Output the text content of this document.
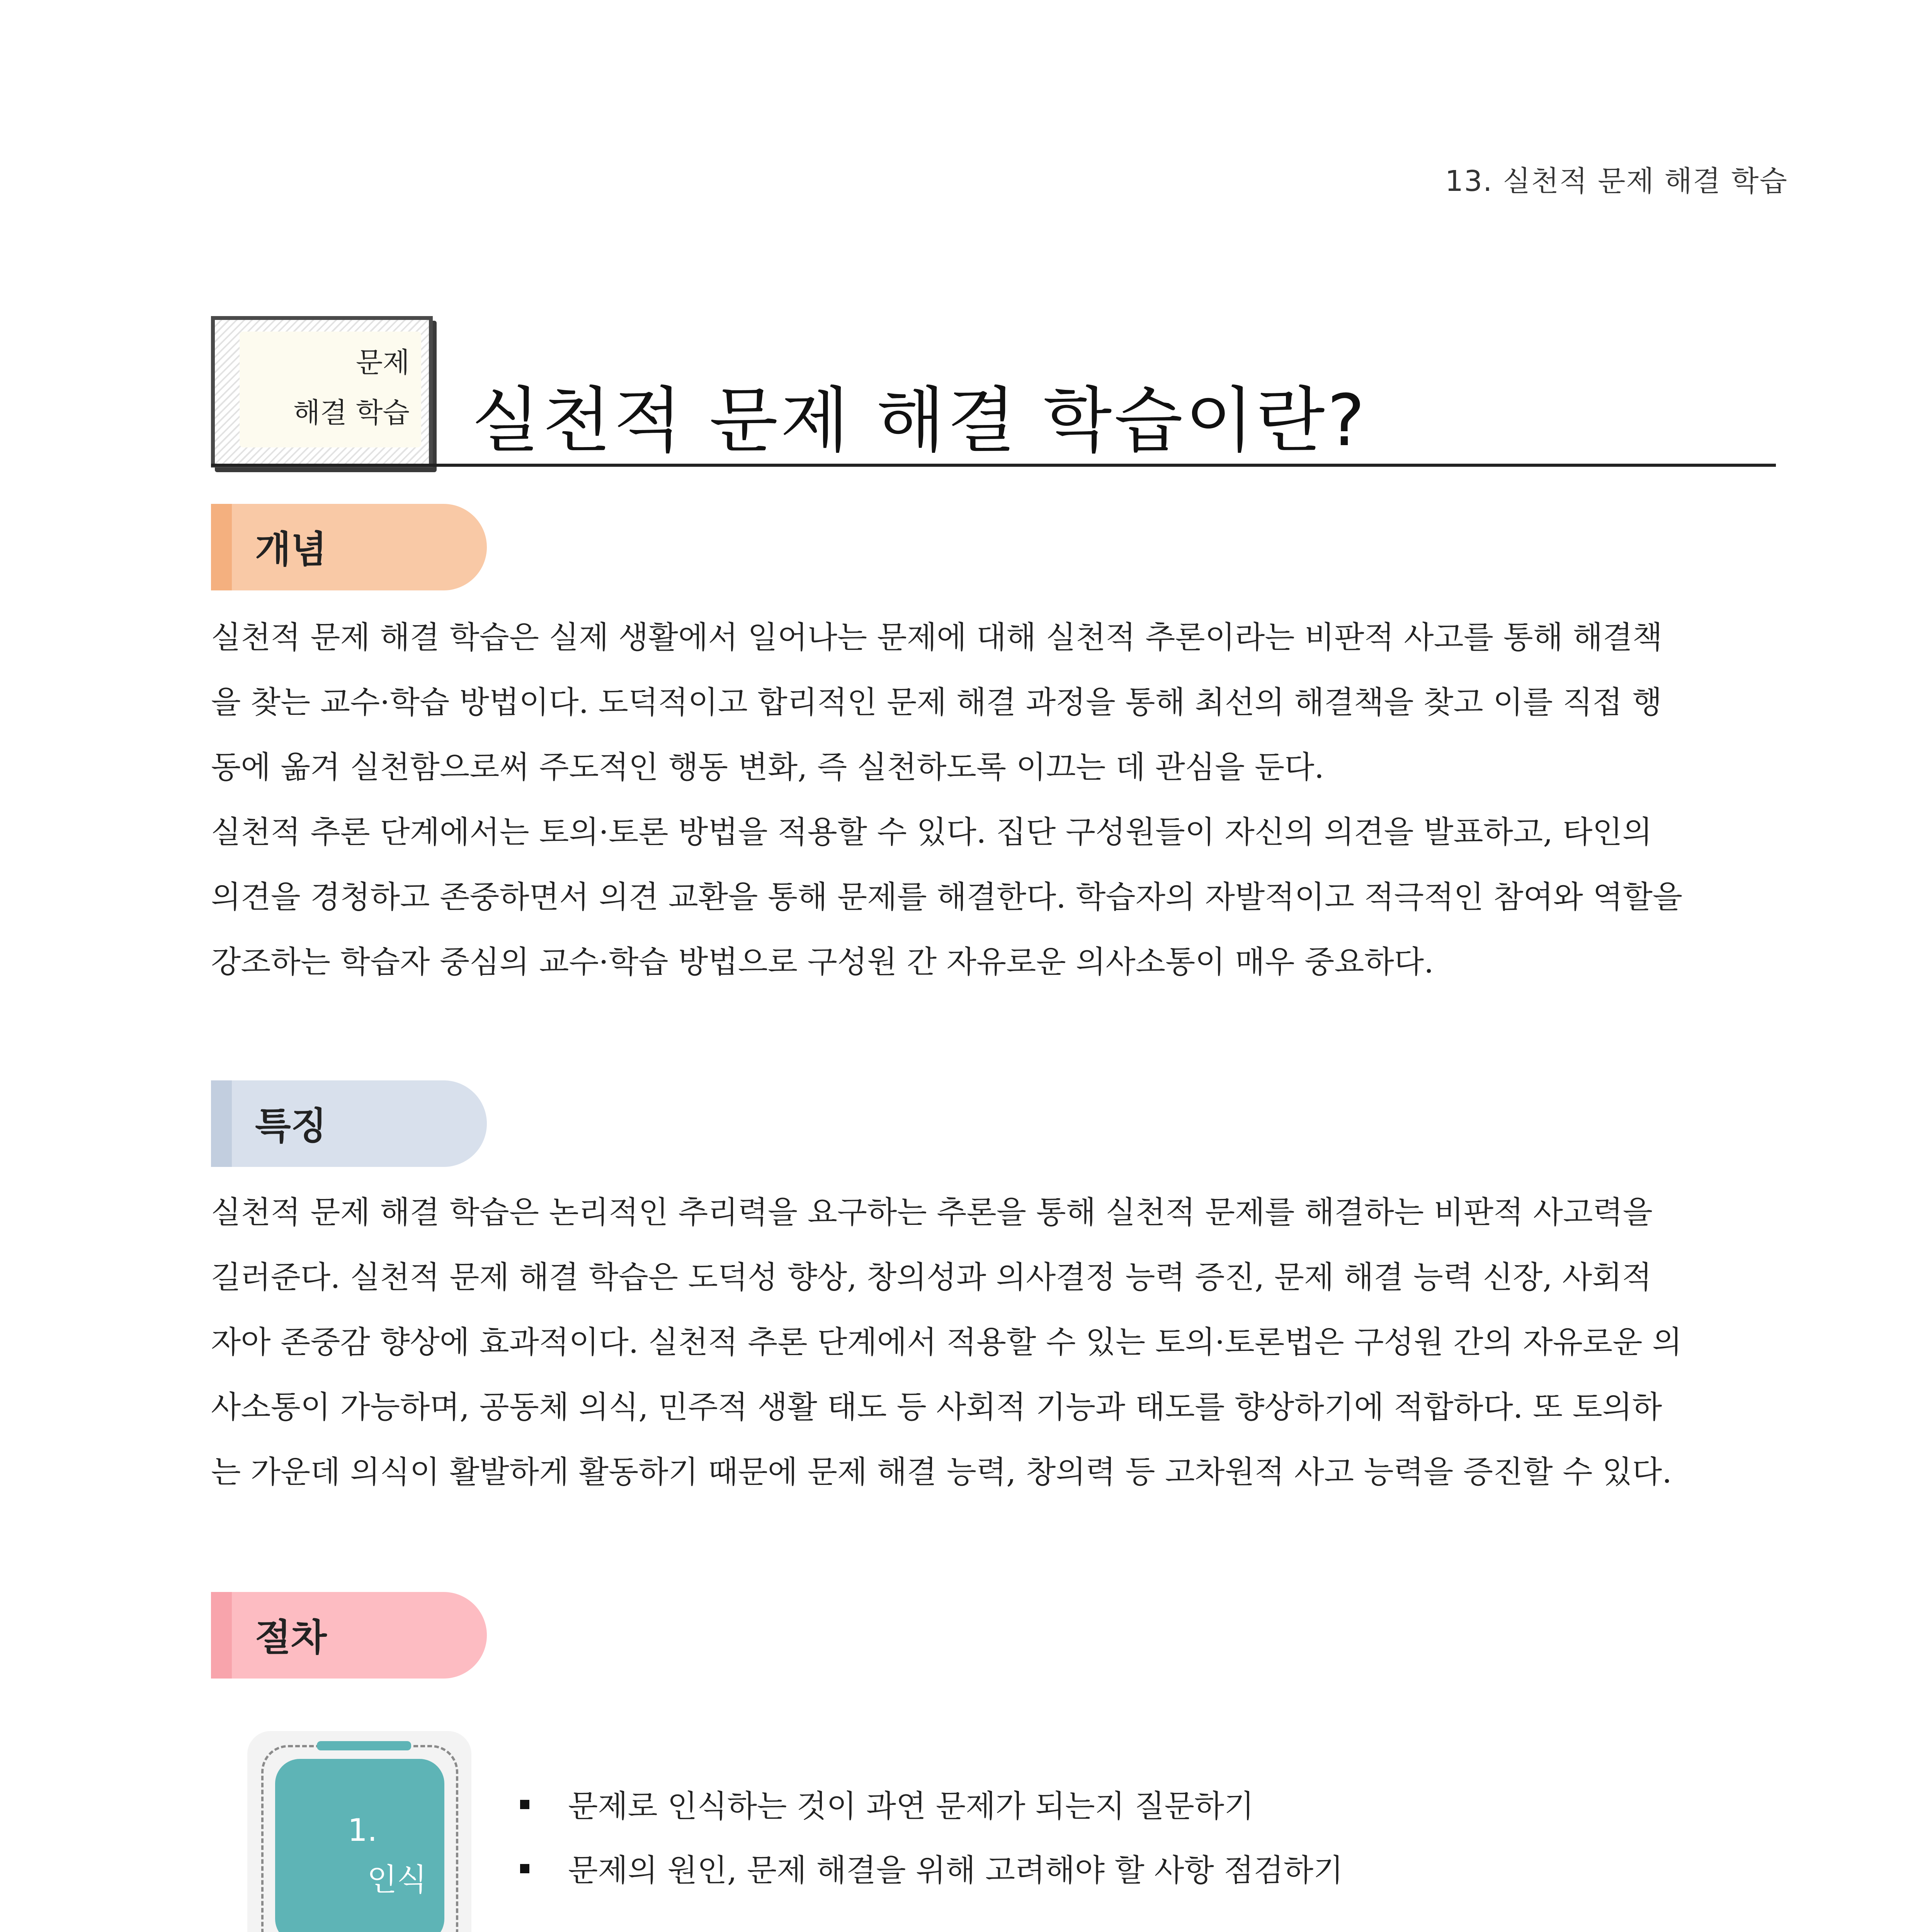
13. 실천적 문제 해결 학습
문제
해결 학습 실천적 문제 해결 학습이란?
개념
실천적 문제 해결 학습은 실제 생활에서 일어나는 문제에 대해 실천적 추론이라는 비판적 사고를 통해 해결책
을 찾는 교수·학습 방법이다. 도덕적이고 합리적인 문제 해결 과정을 통해 최선의 해결책을 찾고 이를 직접 행
동에 옮겨 실천함으로써 주도적인 행동 변화, 즉 실천하도록 이끄는 데 관심을 둔다.
실천적 추론 단계에서는 토의·토론 방법을 적용할 수 있다. 집단 구성원들이 자신의 의견을 발표하고, 타인의
의견을 경청하고 존중하면서 의견 교환을 통해 문제를 해결한다. 학습자의 자발적이고 적극적인 참여와 역할을
강조하는 학습자 중심의 교수·학습 방법으로 구성원 간 자유로운 의사소통이 매우 중요하다.
특징
실천적 문제 해결 학습은 논리적인 추리력을 요구하는 추론을 통해 실천적 문제를 해결하는 비판적 사고력을
길러준다. 실천적 문제 해결 학습은 도덕성 향상, 창의성과 의사결정 능력 증진, 문제 해결 능력 신장, 사회적
자아 존중감 향상에 효과적이다. 실천적 추론 단계에서 적용할 수 있는 토의·토론법은 구성원 간의 자유로운 의
사소통이 가능하며, 공동체 의식, 민주적 생활 태도 등 사회적 기능과 태도를 향상하기에 적합하다. 또 토의하
는 가운데 의식이 활발하게 활동하기 때문에 문제 해결 능력, 창의력 등 고차원적 사고 능력을 증진할 수 있다.
절차
1.
인식
문제로 인식하는 것이 과연 문제가 되는지 질문하기
문제의 원인, 문제 해결을 위해 고려해야 할 사항 점검하기
